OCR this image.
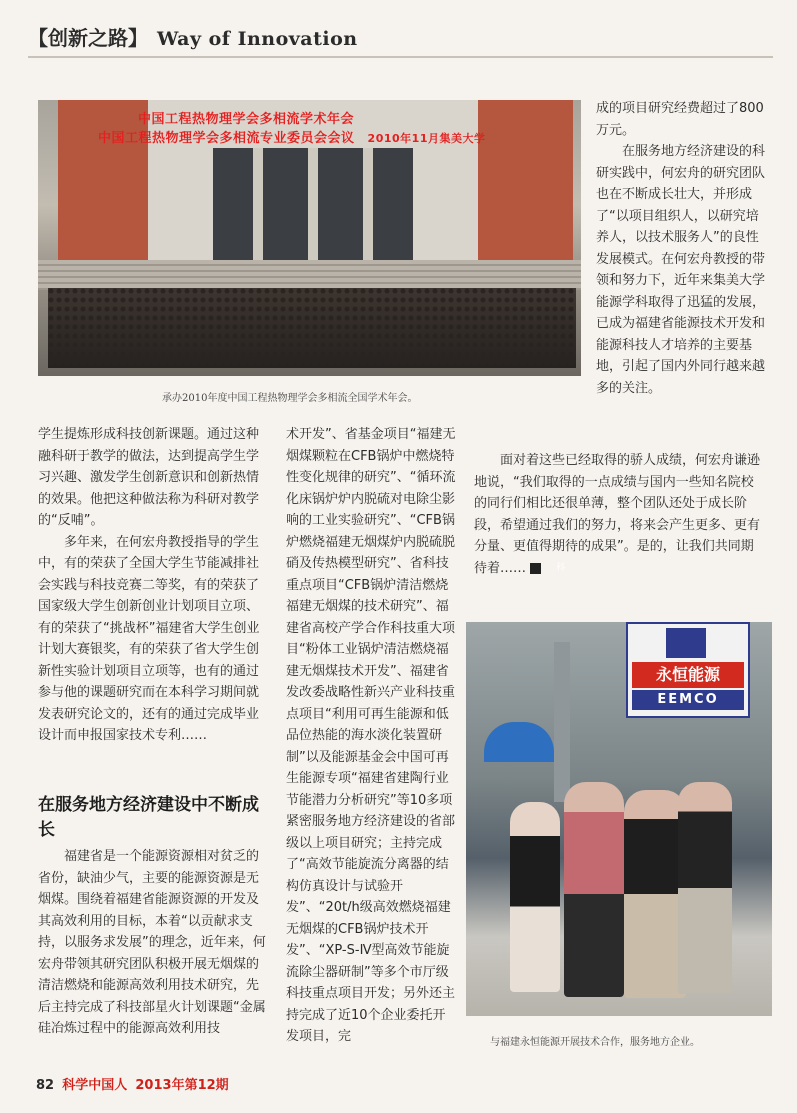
【创新之路】 Way of Innovation
中国工程热物理学会多相流学术年会
中国工程热物理学会多相流专业委员会会议 2010年11月集美大学
承办2010年度中国工程热物理学会多相流全国学术年会。

成的项目研究经费超过了800万元。

在服务地方经济建设的科研实践中，何宏舟的研究团队也在不断成长壮大，并形成了“以项目组织人，以研究培养人，以技术服务人”的良性发展模式。在何宏舟教授的带领和努力下，近年来集美大学能源学科取得了迅猛的发展，已成为福建省能源技术开发和能源科技人才培养的主要基地，引起了国内外同行越来越多的关注。

学生提炼形成科技创新课题。通过这种融科研于教学的做法，达到提高学生学习兴趣、激发学生创新意识和创新热情的效果。他把这种做法称为科研对教学的“反哺”。

多年来，在何宏舟教授指导的学生中，有的荣获了全国大学生节能减排社会实践与科技竞赛二等奖，有的荣获了国家级大学生创新创业计划项目立项、有的荣获了“挑战杯”福建省大学生创业计划大赛银奖，有的荣获了省大学生创新性实验计划项目立项等，也有的通过参与他的课题研究而在本科学习期间就发表研究论文的，还有的通过完成毕业设计而申报国家技术专利……

在服务地方经济建设中不断成长

福建省是一个能源资源相对贫乏的省份，缺油少气，主要的能源资源是无烟煤。围绕着福建省能源资源的开发及其高效利用的目标，本着“以贡献求支持，以服务求发展”的理念，近年来，何宏舟带领其研究团队积极开展无烟煤的清洁燃烧和能源高效利用技术研究，先后主持完成了科技部星火计划课题“金属硅冶炼过程中的能源高效利用技

术开发”、省基金项目“福建无烟煤颗粒在CFB锅炉中燃烧特性变化规律的研究”、“循环流化床锅炉炉内脱硫对电除尘影响的工业实验研究”、“CFB锅炉燃烧福建无烟煤炉内脱硫脱硝及传热模型研究”、省科技重点项目“CFB锅炉清洁燃烧福建无烟煤的技术研究”、福建省高校产学合作科技重大项目“粉体工业锅炉清洁燃烧福建无烟煤技术开发”、福建省发改委战略性新兴产业科技重点项目“利用可再生能源和低品位热能的海水淡化装置研制”以及能源基金会中国可再生能源专项“福建省建陶行业节能潜力分析研究”等10多项紧密服务地方经济建设的省部级以上项目研究；主持完成了“高效节能旋流分离器的结构仿真设计与试验开发”、“20t/h级高效燃烧福建无烟煤的CFB锅炉技术开发”、“XP-S-Ⅳ型高效节能旋流除尘器研制”等多个市厅级科技重点项目开发；另外还主持完成了近10个企业委托开发项目，完

面对着这些已经取得的骄人成绩，何宏舟谦逊地说，“我们取得的一点成绩与国内一些知名院校的同行们相比还很单薄，整个团队还处于成长阶段，希望通过我们的努力，将来会产生更多、更有分量、更值得期待的成果”。是的，让我们共同期待着……	科

永恒能源
EEMCO
与福建永恒能源开展技术合作，服务地方企业。
82 科学中国人 2013年第12期
